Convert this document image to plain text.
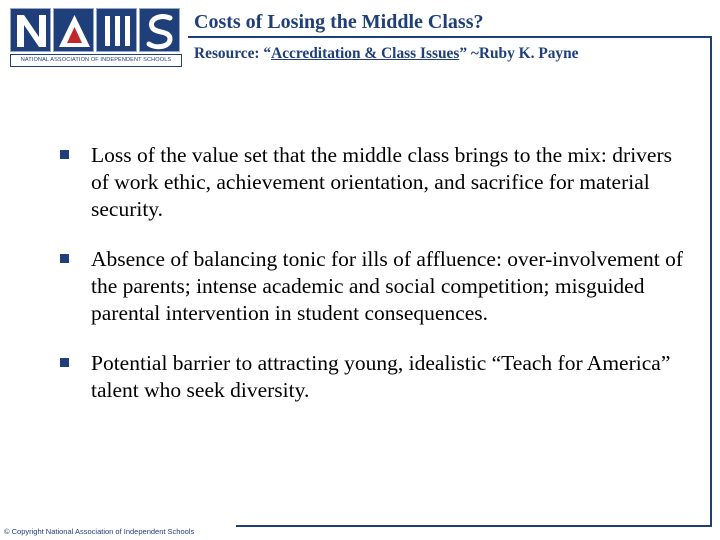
NATIONAL ASSOCIATION OF INDEPENDENT SCHOOLS
Costs of Losing the Middle Class?
Resource: “Accreditation & Class Issues” ~Ruby K. Payne
Loss of the value set that the middle class brings to the mix: drivers of work ethic, achievement orientation, and sacrifice for material security.
Absence of balancing tonic for ills of affluence: over-involvement of the parents; intense academic and social competition; misguided parental intervention in student consequences.
Potential barrier to attracting young, idealistic “Teach for America” talent who seek diversity.
© Copyright National Association of Independent Schools
